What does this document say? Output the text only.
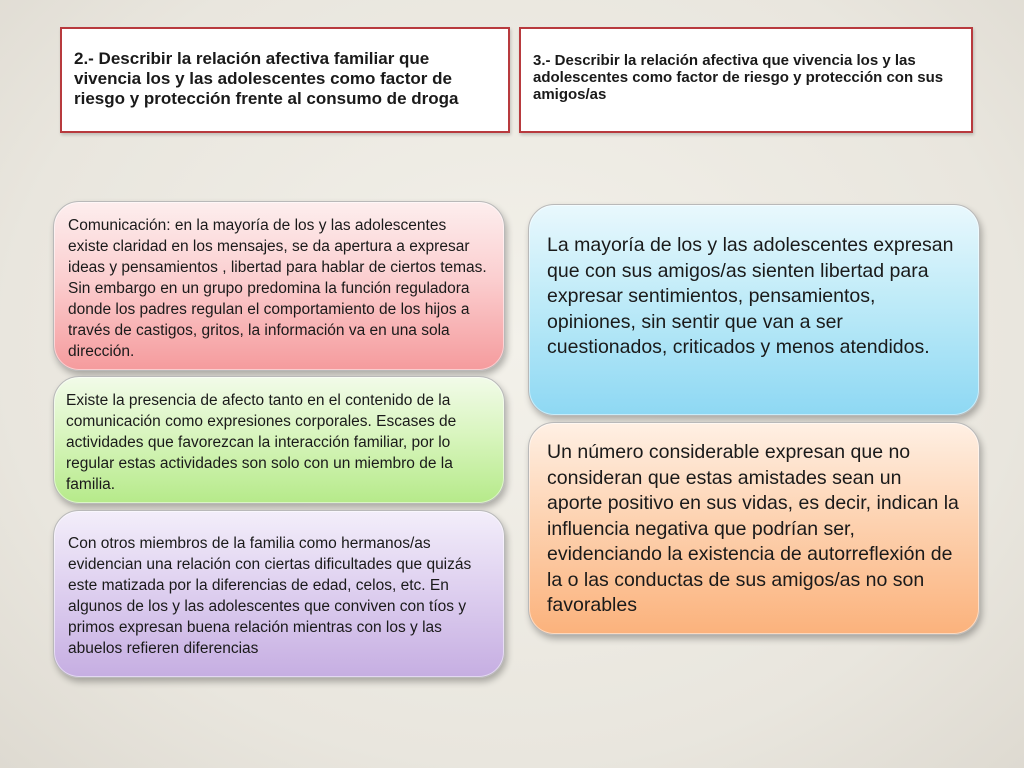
2.- Describir la relación afectiva familiar que vivencia los y las adolescentes como factor de riesgo y protección frente al consumo de droga

3.- Describir la relación afectiva que vivencia los y las adolescentes como factor de riesgo y protección con sus amigos/as

Comunicación: en la mayoría de los y las adolescentes existe claridad en los mensajes, se da apertura a expresar ideas y pensamientos , libertad para hablar de ciertos temas. Sin embargo en un grupo predomina la función reguladora donde los padres regulan el comportamiento de los hijos a través de castigos, gritos, la información va en una sola dirección.

Existe la presencia de afecto tanto en el contenido de la comunicación como expresiones corporales. Escases de actividades que favorezcan la interacción familiar, por lo regular estas actividades son solo con un miembro de la familia.

Con otros miembros de la familia como hermanos/as evidencian una relación con ciertas dificultades que quizás este matizada por la diferencias de edad, celos, etc. En algunos de los y las adolescentes que conviven con tíos y primos expresan buena relación mientras con los y las abuelos refieren diferencias

La mayoría de los y las adolescentes expresan que con sus amigos/as sienten libertad para expresar sentimientos, pensamientos, opiniones, sin sentir que van a ser cuestionados, criticados y menos atendidos.

Un número considerable expresan que no consideran que estas amistades sean un aporte positivo en sus vidas, es decir, indican la influencia negativa que podrían ser, evidenciando la existencia de autorreflexión de la o las conductas de sus amigos/as no son favorables
